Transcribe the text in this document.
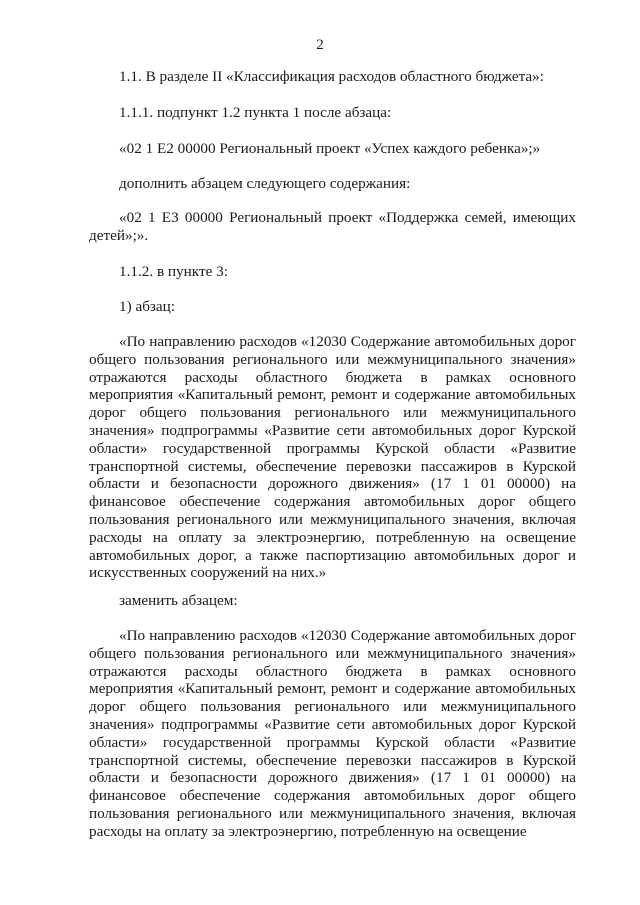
2

1.1. В разделе II «Классификация расходов областного бюджета»:

1.1.1. подпункт 1.2 пункта 1 после абзаца:

«02 1 Е2 00000 Региональный проект «Успех каждого ребенка»;»

дополнить абзацем следующего содержания:

«02 1 Е3 00000 Региональный проект «Поддержка семей, имеющих детей»;».

1.1.2. в пункте 3:

1) абзац:

«По направлению расходов «12030 Содержание автомобильных дорог общего пользования регионального или межмуниципального значения» отражаются расходы областного бюджета в рамках основного мероприятия «Капитальный ремонт, ремонт и содержание автомобильных дорог общего пользования регионального или межмуниципального значения» подпрограммы «Развитие сети автомобильных дорог Курской области» государственной программы Курской области «Развитие транспортной системы, обеспечение перевозки пассажиров в Курской области и безопасности дорожного движения» (17 1 01 00000) на финансовое обеспечение содержания автомобильных дорог общего пользования регионального или межмуниципального значения, включая расходы на оплату за электроэнергию, потребленную на освещение автомобильных дорог, а также паспортизацию автомобильных дорог и искусственных сооружений на них.»

заменить абзацем:

«По направлению расходов «12030 Содержание автомобильных дорог общего пользования регионального или межмуниципального значения» отражаются расходы областного бюджета в рамках основного мероприятия «Капитальный ремонт, ремонт и содержание автомобильных дорог общего пользования регионального или межмуниципального значения» подпрограммы «Развитие сети автомобильных дорог Курской области» государственной программы Курской области «Развитие транспортной системы, обеспечение перевозки пассажиров в Курской области и безопасности дорожного движения» (17 1 01 00000) на финансовое обеспечение содержания автомобильных дорог общего пользования регионального или межмуниципального значения, включая расходы на оплату за электроэнергию, потребленную на освещение
